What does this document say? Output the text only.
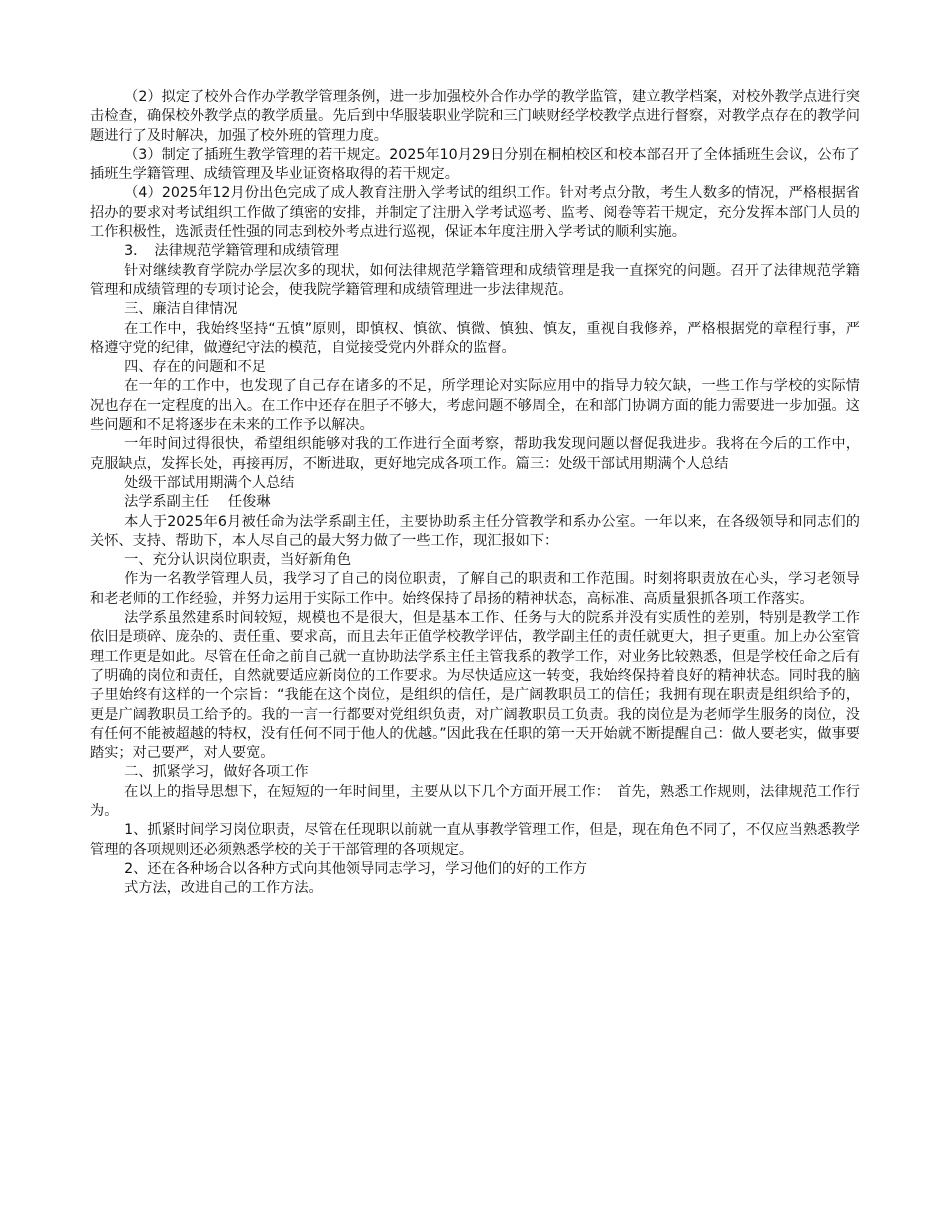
（2）拟定了校外合作办学教学管理条例，进一步加强校外合作办学的教学监管，建立教学档案，对校外教学点进行突击检查，确保校外教学点的教学质量。先后到中华服装职业学院和三门峡财经学校教学点进行督察，对教学点存在的教学问题进行了及时解决，加强了校外班的管理力度。

（3）制定了插班生教学管理的若干规定。2025年10月29日分别在桐柏校区和校本部召开了全体插班生会议，公布了插班生学籍管理、成绩管理及毕业证资格取得的若干规定。

（4）2025年12月份出色完成了成人教育注册入学考试的组织工作。针对考点分散，考生人数多的情况，严格根据省招办的要求对考试组织工作做了缜密的安排，并制定了注册入学考试巡考、监考、阅卷等若干规定，充分发挥本部门人员的工作积极性，选派责任性强的同志到校外考点进行巡视，保证本年度注册入学考试的顺利实施。

3．　法律规范学籍管理和成绩管理

针对继续教育学院办学层次多的现状，如何法律规范学籍管理和成绩管理是我一直探究的问题。召开了法律规范学籍管理和成绩管理的专项讨论会，使我院学籍管理和成绩管理进一步法律规范。

三、廉洁自律情况

在工作中，我始终坚持“五慎”原则，即慎权、慎欲、慎微、慎独、慎友，重视自我修养，严格根据党的章程行事，严格遵守党的纪律，做遵纪守法的模范，自觉接受党内外群众的监督。

四、存在的问题和不足

在一年的工作中，也发现了自己存在诸多的不足，所学理论对实际应用中的指导力较欠缺，一些工作与学校的实际情况也存在一定程度的出入。在工作中还存在胆子不够大，考虑问题不够周全，在和部门协调方面的能力需要进一步加强。这些问题和不足将逐步在未来的工作予以解决。

一年时间过得很快，希望组织能够对我的工作进行全面考察，帮助我发现问题以督促我进步。我将在今后的工作中，克服缺点，发挥长处，再接再厉，不断进取，更好地完成各项工作。篇三：处级干部试用期满个人总结

处级干部试用期满个人总结

法学系副主任　 任俊琳

本人于2025年6月被任命为法学系副主任，主要协助系主任分管教学和系办公室。一年以来，在各级领导和同志们的关怀、支持、帮助下，本人尽自己的最大努力做了一些工作，现汇报如下：

一、充分认识岗位职责，当好新角色

作为一名教学管理人员，我学习了自己的岗位职责，了解自己的职责和工作范围。时刻将职责放在心头，学习老领导和老老师的工作经验，并努力运用于实际工作中。始终保持了昂扬的精神状态，高标准、高质量狠抓各项工作落实。

法学系虽然建系时间较短，规模也不是很大，但是基本工作、任务与大的院系并没有实质性的差别，特别是教学工作依旧是琐碎、庞杂的、责任重、要求高，而且去年正值学校教学评估，教学副主任的责任就更大，担子更重。加上办公室管理工作更是如此。尽管在任命之前自己就一直协助法学系主任主管我系的教学工作，对业务比较熟悉，但是学校任命之后有了明确的岗位和责任，自然就要适应新岗位的工作要求。为尽快适应这一转变，我始终保持着良好的精神状态。同时我的脑子里始终有这样的一个宗旨：“我能在这个岗位，是组织的信任，是广阔教职员工的信任；我拥有现在职责是组织给予的，更是广阔教职员工给予的。我的一言一行都要对党组织负责，对广阔教职员工负责。我的岗位是为老师学生服务的岗位，没有任何不能被超越的特权，没有任何不同于他人的优越。”因此我在任职的第一天开始就不断提醒自己：做人要老实，做事要踏实；对己要严，对人要宽。

二、抓紧学习，做好各项工作

在以上的指导思想下，在短短的一年时间里，主要从以下几个方面开展工作：　首先，熟悉工作规则，法律规范工作行为。

1、抓紧时间学习岗位职责，尽管在任现职以前就一直从事教学管理工作，但是，现在角色不同了，不仅应当熟悉教学管理的各项规则还必须熟悉学校的关于干部管理的各项规定。

2、还在各种场合以各种方式向其他领导同志学习，学习他们的好的工作方

式方法，改进自己的工作方法。
